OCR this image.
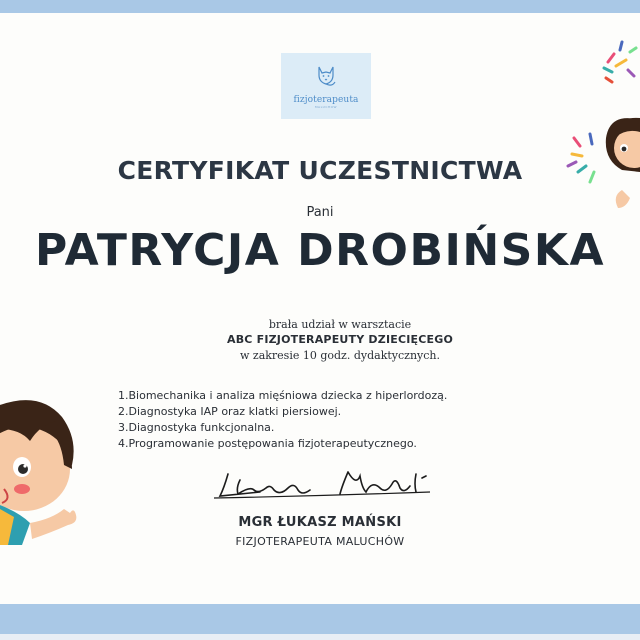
fizjoterapeuta
MALUCHOW
CERTYFIKAT UCZESTNICTWA
Pani
PATRYCJA DROBIŃSKA
brała udział w warsztacie
ABC FIZJOTERAPEUTY DZIECIĘCEGO
w zakresie 10 godz. dydaktycznych.
1.Biomechanika i analiza mięśniowa dziecka z hiperlordozą.
2.Diagnostyka IAP oraz klatki piersiowej.
3.Diagnostyka funkcjonalna.
4.Programowanie postępowania fizjoterapeutycznego.
MGR ŁUKASZ MAŃSKI
FIZJOTERAPEUTA MALUCHÓW
